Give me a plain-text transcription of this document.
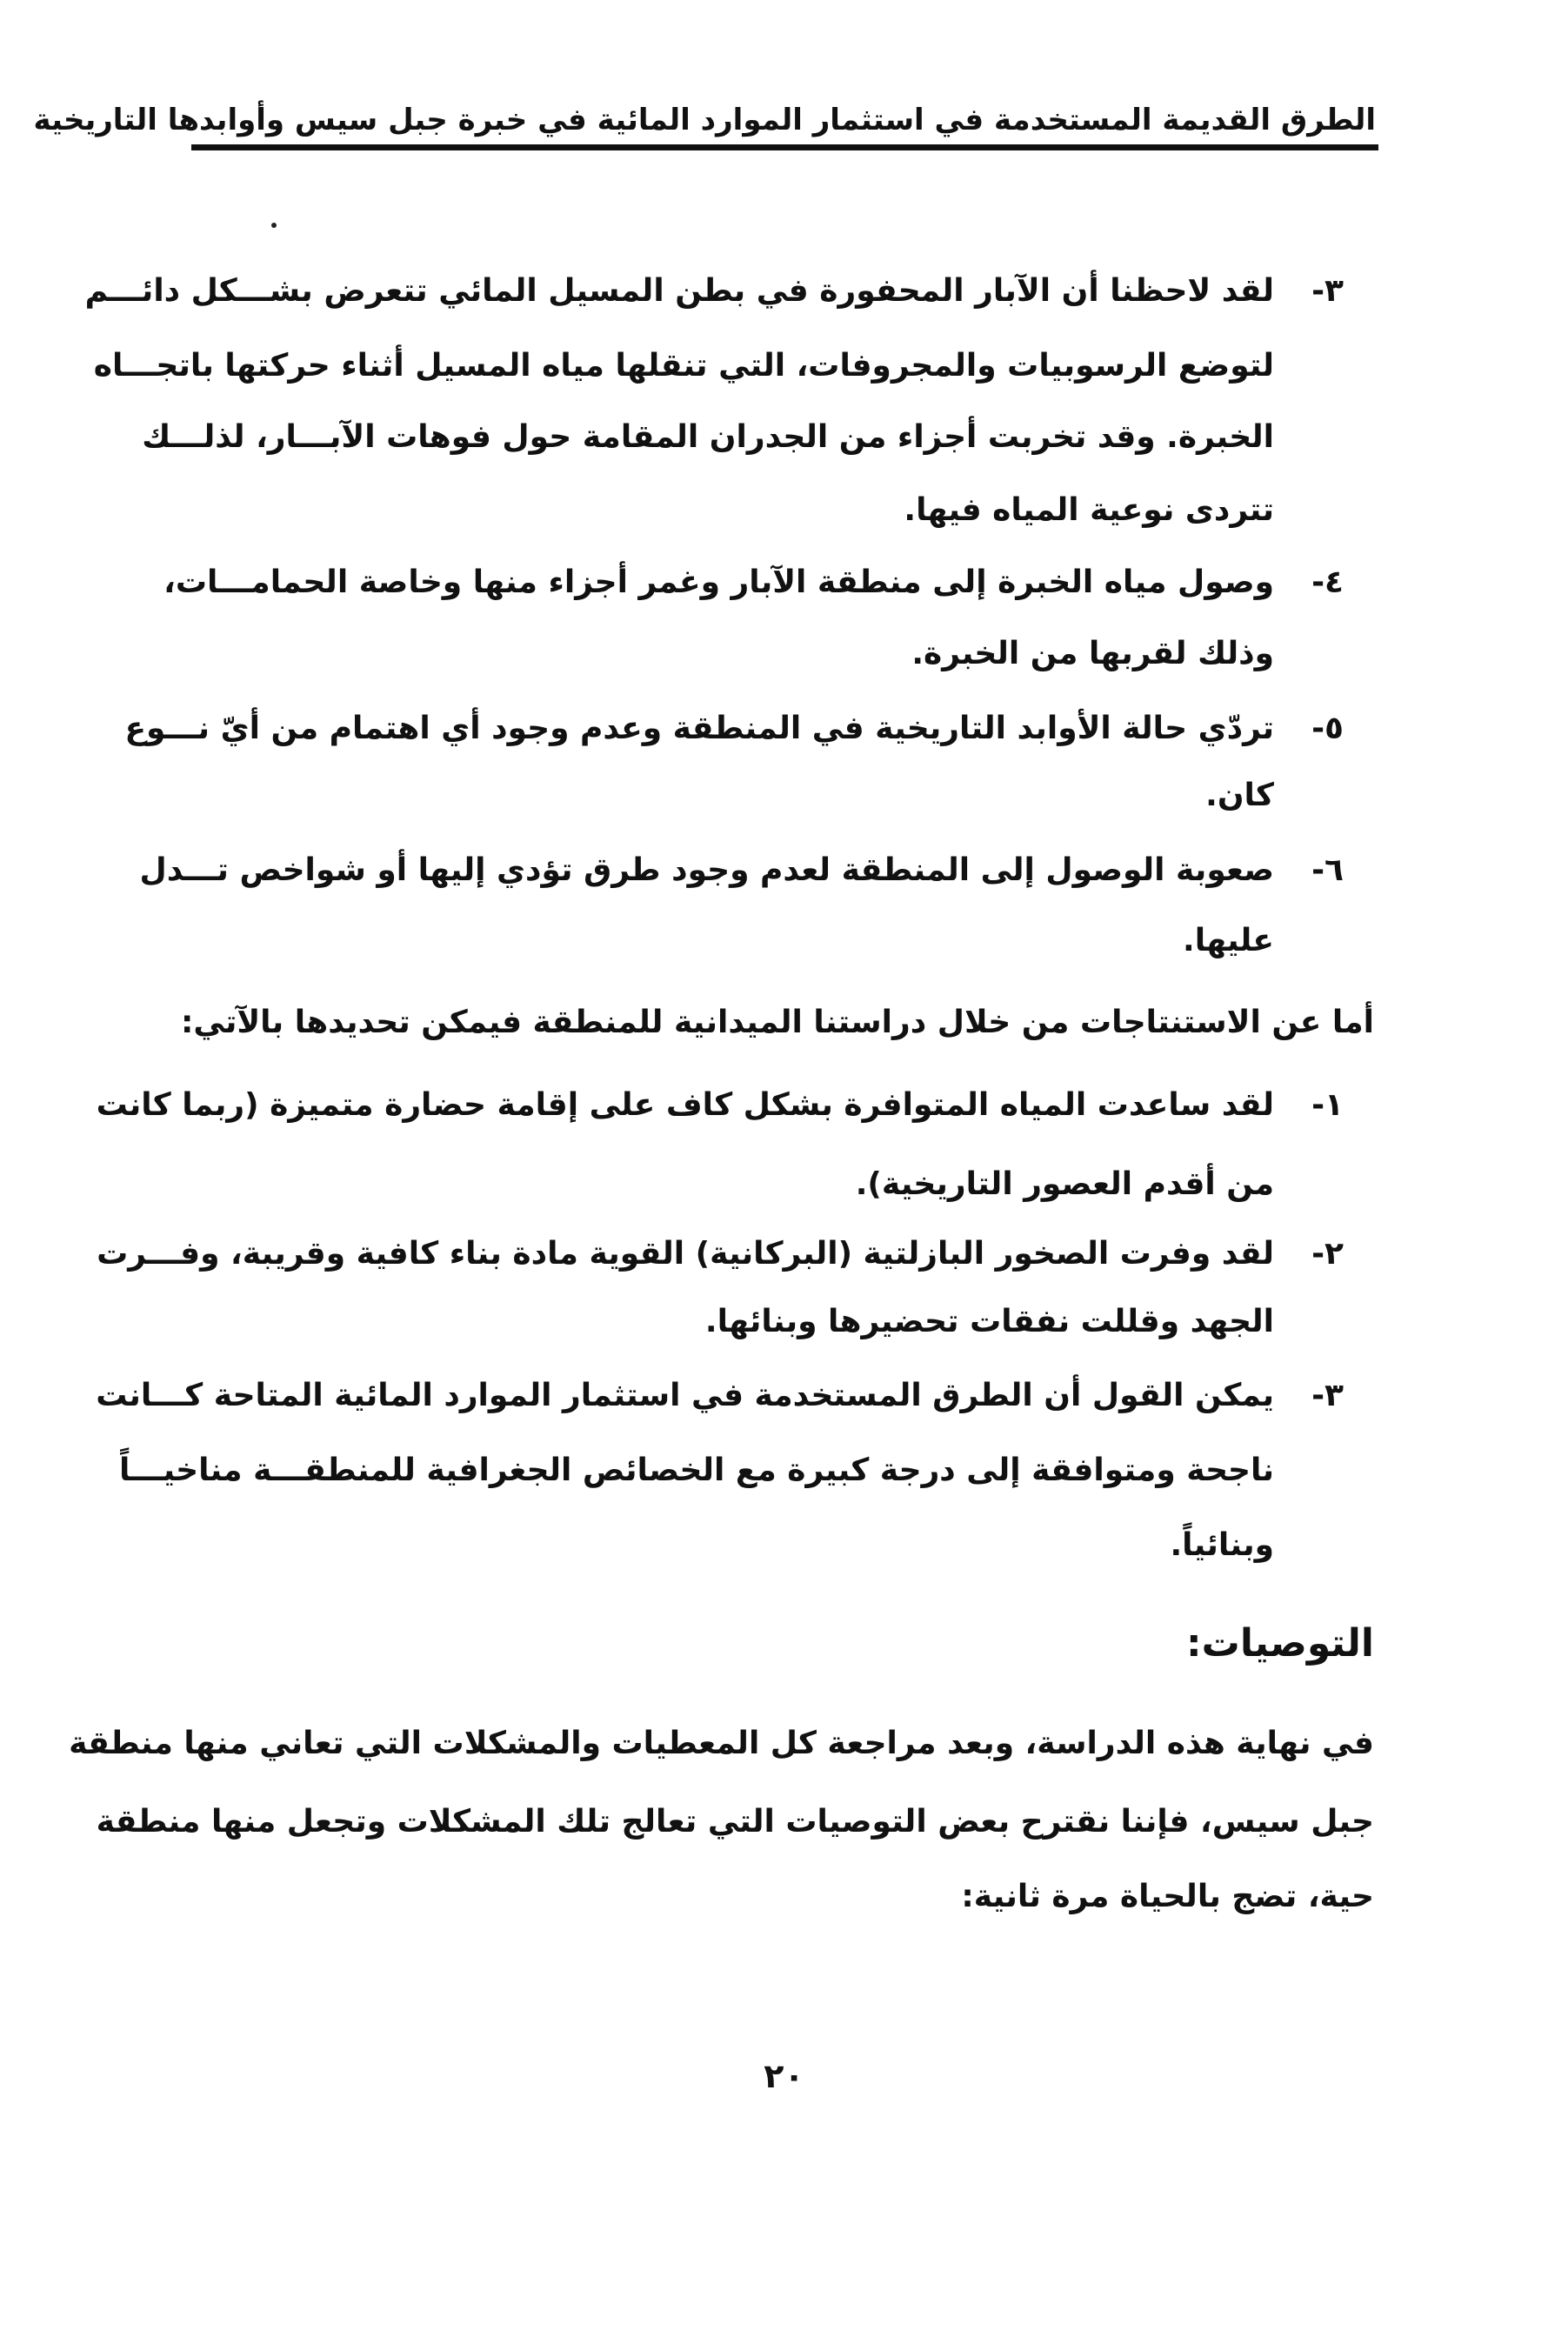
الطرق القديمة المستخدمة في استثمار الموارد المائية في خبرة جبل سيس وأوابدها التاريخية
٣-
لقد لاحظنا أن الآبار المحفورة في بطن المسيل المائي تتعرض بشـــكل دائـــم
لتوضع الرسوبيات والمجروفات، التي تنقلها مياه المسيل أثناء حركتها باتجـــاه
الخبرة. وقد تخربت أجزاء من الجدران المقامة حول فوهات الآبـــار، لذلـــك
تتردى نوعية المياه فيها.
٤-
وصول مياه الخبرة إلى منطقة الآبار وغمر أجزاء منها وخاصة الحمامـــات،
وذلك لقربها من الخبرة.
٥-
تردّي حالة الأوابد التاريخية في المنطقة وعدم وجود أي اهتمام من أيّ نـــوع
كان.
٦-
صعوبة الوصول إلى المنطقة لعدم وجود طرق تؤدي إليها أو شواخص تـــدل
عليها.
١-
لقد ساعدت المياه المتوافرة بشكل كاف على إقامة حضارة متميزة (ربما كانت
من أقدم العصور التاريخية).
٢-
لقد وفرت الصخور البازلتية (البركانية) القوية مادة بناء كافية وقريبة، وفـــرت
الجهد وقللت نفقات تحضيرها وبنائها.
٣-
يمكن القول أن الطرق المستخدمة في استثمار الموارد المائية المتاحة كـــانت
ناجحة ومتوافقة إلى درجة كبيرة مع الخصائص الجغرافية للمنطقـــة مناخيـــاً
وبنائياً.
أما عن الاستنتاجات من خلال دراستنا الميدانية للمنطقة فيمكن تحديدها بالآتي:
في نهاية هذه الدراسة، وبعد مراجعة كل المعطيات والمشكلات التي تعاني منها منطقة
جبل سيس، فإننا نقترح بعض التوصيات التي تعالج تلك المشكلات وتجعل منها منطقة
حية، تضج بالحياة مرة ثانية:
التوصيات:
٢٠
